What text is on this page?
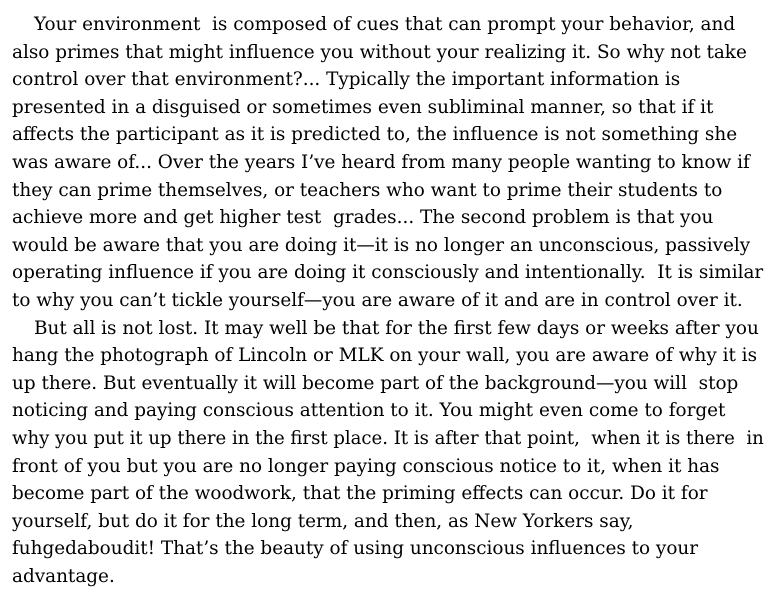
Your environment  is composed of cues that can prompt your behavior, and
also primes that might influence you without your realizing it. So why not take
control over that environment?... Typically the important information is
presented in a disguised or sometimes even subliminal manner, so that if it
affects the participant as it is predicted to, the influence is not something she
was aware of... Over the years I’ve heard from many people wanting to know if
they can prime themselves, or teachers who want to prime their students to
achieve more and get higher test  grades... The second problem is that you
would be aware that you are doing it—it is no longer an unconscious, passively
operating influence if you are doing it consciously and intentionally.  It is similar
to why you can’t tickle yourself—you are aware of it and are in control over it.
But all is not lost. It may well be that for the first few days or weeks after you
hang the photograph of Lincoln or MLK on your wall, you are aware of why it is
up there. But eventually it will become part of the background—you will  stop
noticing and paying conscious attention to it. You might even come to forget
why you put it up there in the first place. It is after that point,  when it is there  in
front of you but you are no longer paying conscious notice to it, when it has
become part of the woodwork, that the priming effects can occur. Do it for
yourself, but do it for the long term, and then, as New Yorkers say,
fuhgedaboudit! That’s the beauty of using unconscious influences to your
advantage.
